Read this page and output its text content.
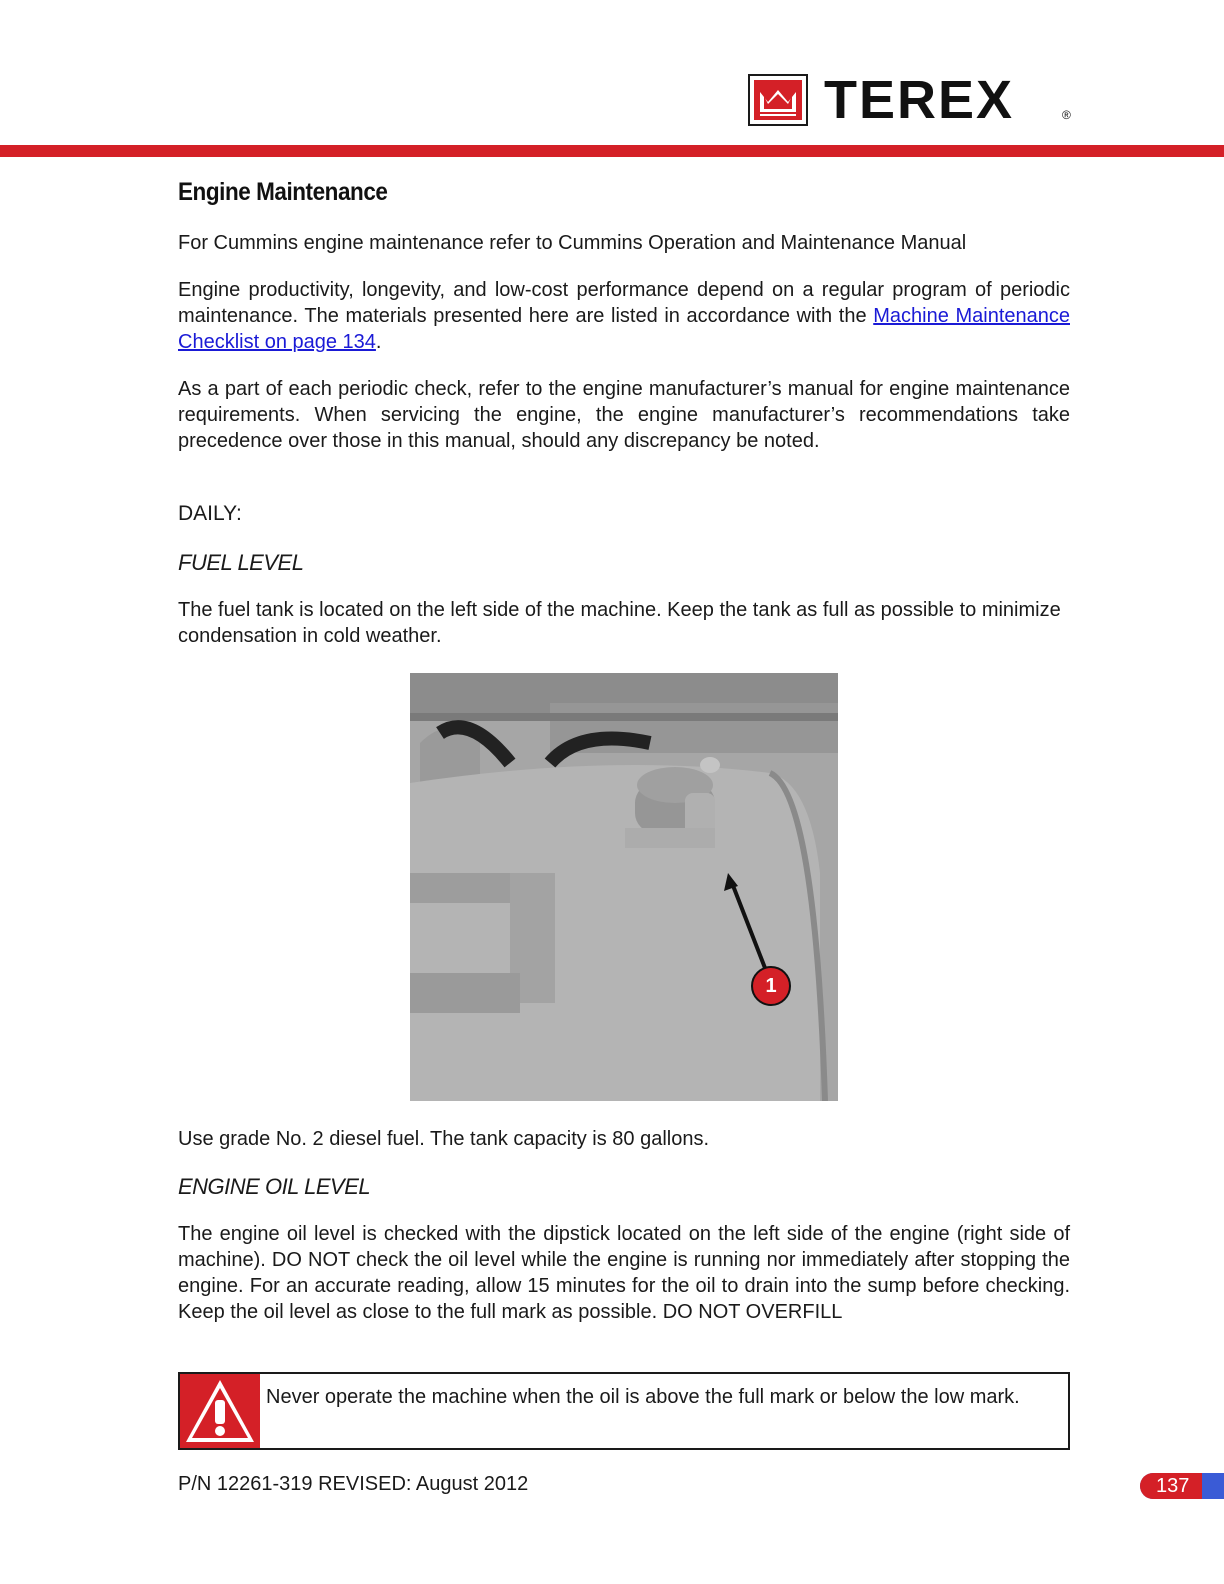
TEREX	®
Engine Maintenance

For Cummins engine maintenance refer to Cummins Operation and Maintenance Manual

Engine productivity, longevity, and low-cost performance depend on a regular program of periodic maintenance. The materials presented here are listed in accordance with the Machine Maintenance Checklist on page 134.

As a part of each periodic check, refer to the engine manufacturer’s manual for engine maintenance requirements. When servicing the engine, the engine manufacturer’s recommendations take precedence over those in this manual, should any discrepancy be noted.

DAILY:
FUEL LEVEL

The fuel tank is located on the left side of the machine. Keep the tank as full as possible to minimize condensation in cold weather.

1

Use grade No. 2 diesel fuel. The tank capacity is 80 gallons.

ENGINE OIL LEVEL

The engine oil level is checked with the dipstick located on the left side of the engine (right side of machine). DO NOT check the oil level while the engine is running nor immediately after stopping the engine. For an accurate reading, allow 15 minutes for the oil to drain into the sump before checking. Keep the oil level as close to the full mark as possible. DO NOT OVERFILL

Never operate the machine when the oil is above the full mark or below the low mark.
P/N 12261-319 REVISED: August 2012	137
